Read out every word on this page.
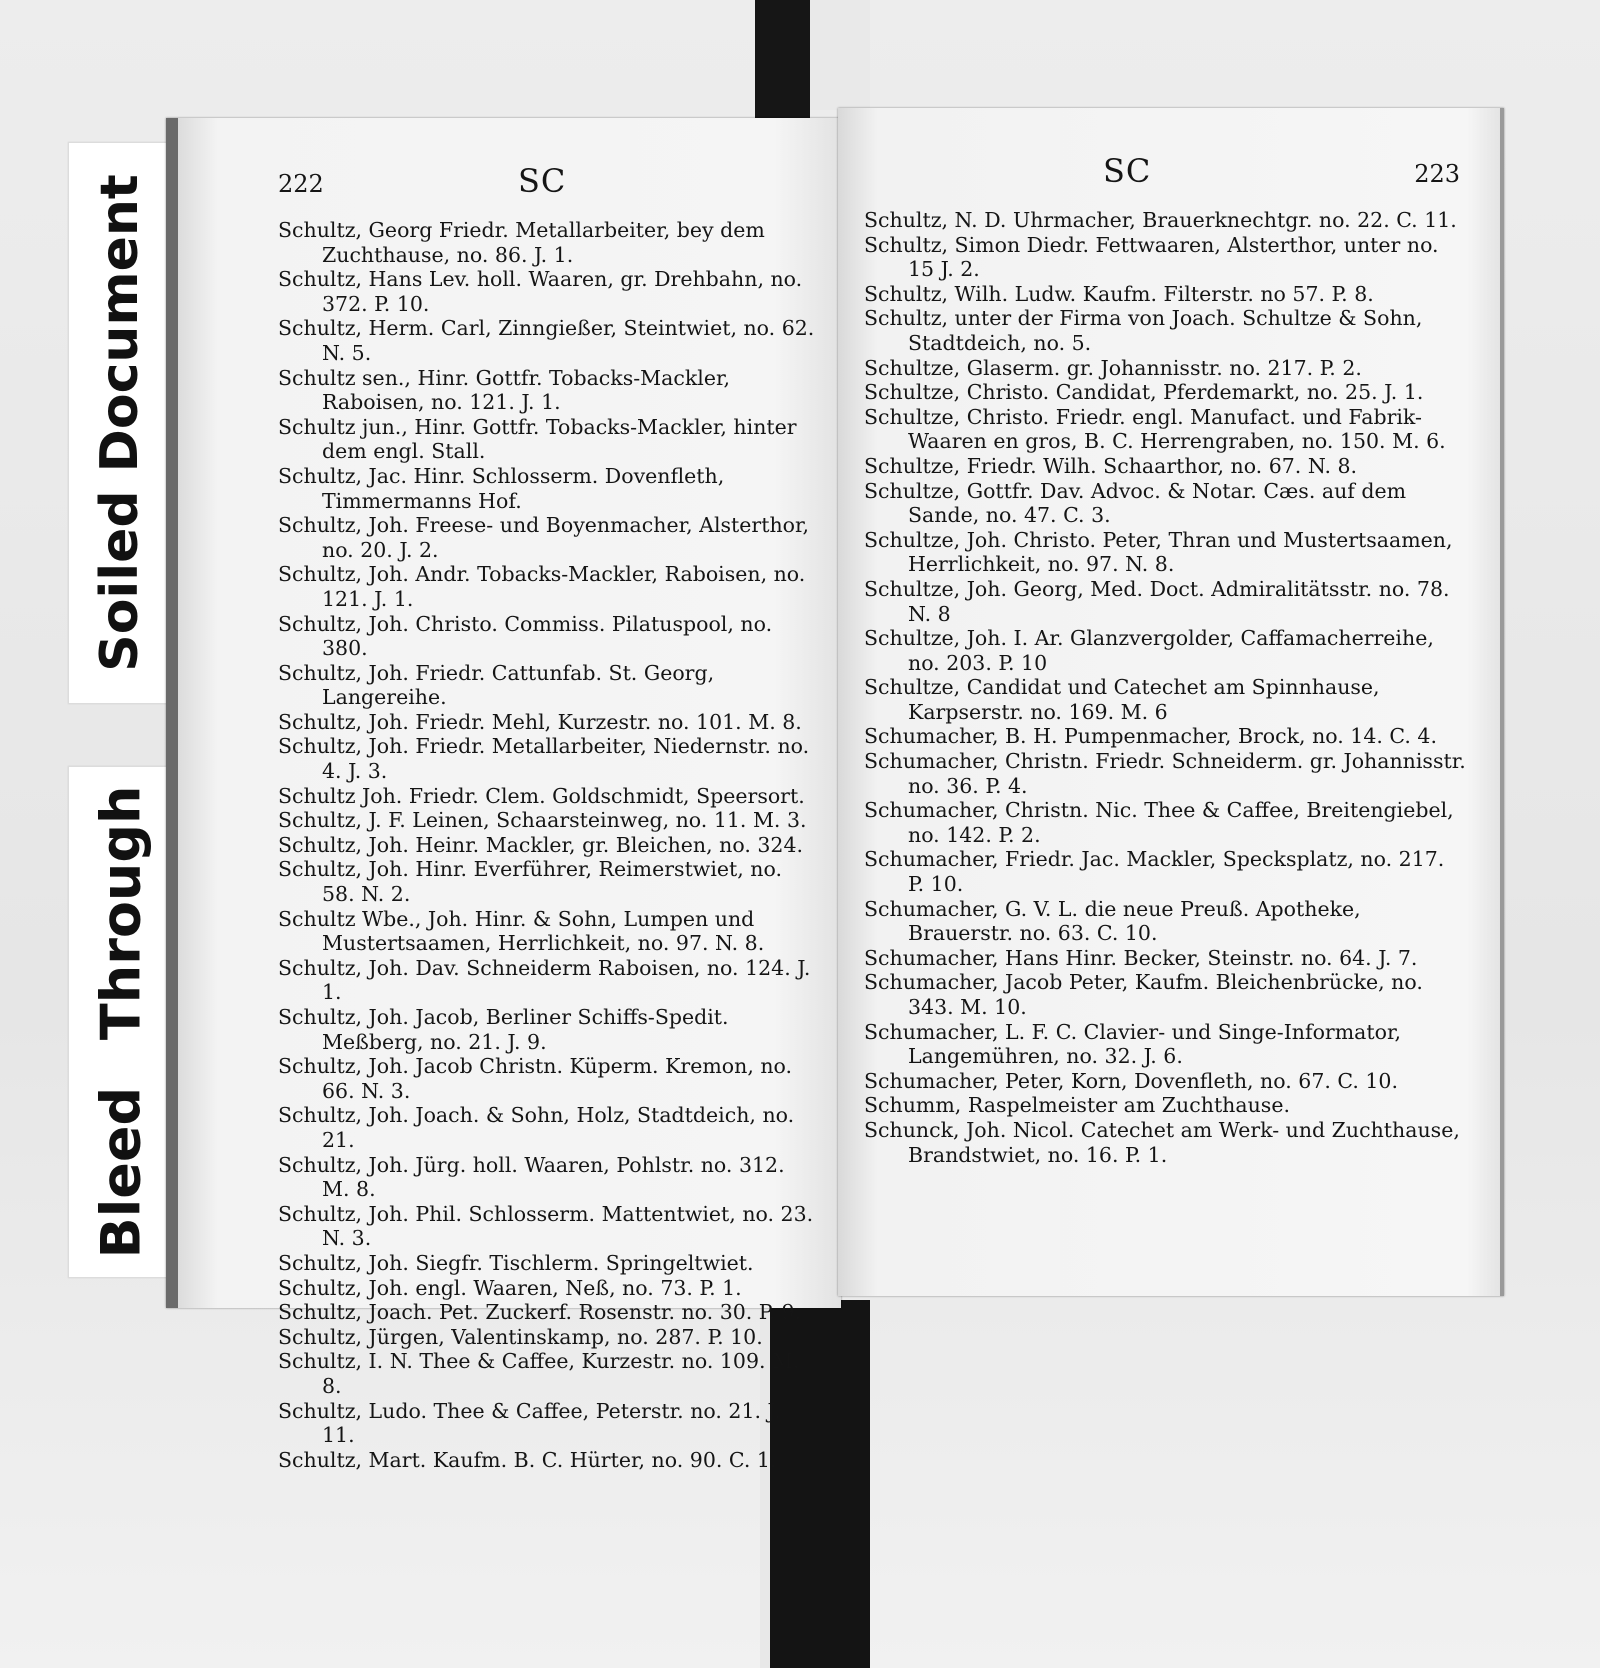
Soiled Document
Bleed Through
222	SC

Schultz, Georg Friedr. Metallarbeiter, bey dem Zuchthause, no. 86. J. 1.

Schultz, Hans Lev. holl. Waaren, gr. Drehbahn, no. 372. P. 10.

Schultz, Herm. Carl, Zinngießer, Steintwiet, no. 62. N. 5.

Schultz sen., Hinr. Gottfr. Tobacks-Mackler, Raboisen, no. 121. J. 1.

Schultz jun., Hinr. Gottfr. Tobacks-Mackler, hinter dem engl. Stall.

Schultz, Jac. Hinr. Schlosserm. Dovenfleth, Timmermanns Hof.

Schultz, Joh. Freese- und Boyenmacher, Alsterthor, no. 20. J. 2.

Schultz, Joh. Andr. Tobacks-Mackler, Raboisen, no. 121. J. 1.

Schultz, Joh. Christo. Commiss. Pilatuspool, no. 380.

Schultz, Joh. Friedr. Cattunfab. St. Georg, Langereihe.

Schultz, Joh. Friedr. Mehl, Kurzestr. no. 101. M. 8.

Schultz, Joh. Friedr. Metallarbeiter, Niedernstr. no. 4. J. 3.

Schultz Joh. Friedr. Clem. Goldschmidt, Speersort.

Schultz, J. F. Leinen, Schaarsteinweg, no. 11. M. 3.

Schultz, Joh. Heinr. Mackler, gr. Bleichen, no. 324.

Schultz, Joh. Hinr. Everführer, Reimerstwiet, no. 58. N. 2.

Schultz Wbe., Joh. Hinr. & Sohn, Lumpen und Mustertsaamen, Herrlichkeit, no. 97. N. 8.

Schultz, Joh. Dav. Schneiderm Raboisen, no. 124. J. 1.

Schultz, Joh. Jacob, Berliner Schiffs-Spedit. Meßberg, no. 21. J. 9.

Schultz, Joh. Jacob Christn. Küperm. Kremon, no. 66. N. 3.

Schultz, Joh. Joach. & Sohn, Holz, Stadtdeich, no. 21.

Schultz, Joh. Jürg. holl. Waaren, Pohlstr. no. 312. M. 8.

Schultz, Joh. Phil. Schlosserm. Mattentwiet, no. 23. N. 3.

Schultz, Joh. Siegfr. Tischlerm. Springeltwiet.

Schultz, Joh. engl. Waaren, Neß, no. 73. P. 1.

Schultz, Joach. Pet. Zuckerf. Rosenstr. no. 30. P. 9.

Schultz, Jürgen, Valentinskamp, no. 287. P. 10.

Schultz, I. N. Thee & Caffee, Kurzestr. no. 109. M. 8.

Schultz, Ludo. Thee & Caffee, Peterstr. no. 21. J. 11.

Schultz, Mart. Kaufm. B. C. Hürter, no. 90. C. 1.

223
SC

Schultz, N. D. Uhrmacher, Brauerknechtgr. no. 22. C. 11.

Schultz, Simon Diedr. Fettwaaren, Alsterthor, unter no. 15 J. 2.

Schultz, Wilh. Ludw. Kaufm. Filterstr. no 57. P. 8.

Schultz, unter der Firma von Joach. Schultze & Sohn, Stadtdeich, no. 5.

Schultze, Glaserm. gr. Johannisstr. no. 217. P. 2.

Schultze, Christo. Candidat, Pferdemarkt, no. 25. J. 1.

Schultze, Christo. Friedr. engl. Manufact. und Fabrik-Waaren en gros, B. C. Herrengraben, no. 150. M. 6.

Schultze, Friedr. Wilh. Schaarthor, no. 67. N. 8.

Schultze, Gottfr. Dav. Advoc. & Notar. Cæs. auf dem Sande, no. 47. C. 3.

Schultze, Joh. Christo. Peter, Thran und Mustertsaamen, Herrlichkeit, no. 97. N. 8.

Schultze, Joh. Georg, Med. Doct. Admiralitätsstr. no. 78. N. 8

Schultze, Joh. I. Ar. Glanzvergolder, Caffamacherreihe, no. 203. P. 10

Schultze, Candidat und Catechet am Spinnhause, Karpserstr. no. 169. M. 6

Schumacher, B. H. Pumpenmacher, Brock, no. 14. C. 4.

Schumacher, Christn. Friedr. Schneiderm. gr. Johannisstr. no. 36. P. 4.

Schumacher, Christn. Nic. Thee & Caffee, Breitengiebel, no. 142. P. 2.

Schumacher, Friedr. Jac. Mackler, Specksplatz, no. 217. P. 10.

Schumacher, G. V. L. die neue Preuß. Apotheke, Brauerstr. no. 63. C. 10.

Schumacher, Hans Hinr. Becker, Steinstr. no. 64. J. 7.

Schumacher, Jacob Peter, Kaufm. Bleichenbrücke, no. 343. M. 10.

Schumacher, L. F. C. Clavier- und Singe-Informator, Langemühren, no. 32. J. 6.

Schumacher, Peter, Korn, Dovenfleth, no. 67. C. 10.

Schumm, Raspelmeister am Zuchthause.

Schunck, Joh. Nicol. Catechet am Werk- und Zuchthause, Brandstwiet, no. 16. P. 1.
